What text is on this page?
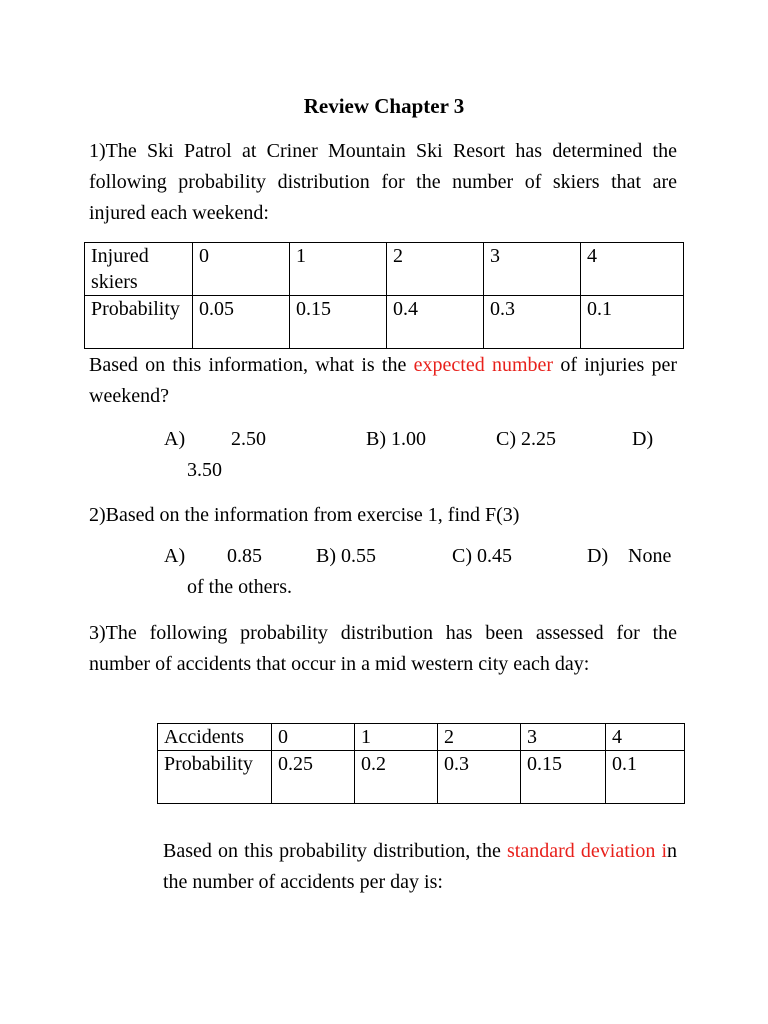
Review Chapter 3
1)The Ski Patrol at Criner Mountain Ski Resort has determined the following probability distribution for the number of skiers that are injured each weekend:
Injured skiers	0	1	2	3	4
Probability	0.05	0.15	0.4	0.3	0.1
Based on this information, what is the expected number of injuries per weekend?
A) 2.50	B) 1.00	C) 2.25	D)
3.50
2)Based on the information from exercise 1, find F(3)
A) 0.85	B) 0.55	C) 0.45	D) None
of the others.
3)The following probability distribution has been assessed for the number of accidents that occur in a mid western city each day:
Accidents	0	1	2	3	4
Probability	0.25	0.2	0.3	0.15	0.1
Based on this probability distribution, the standard deviation in the number of accidents per day is:
